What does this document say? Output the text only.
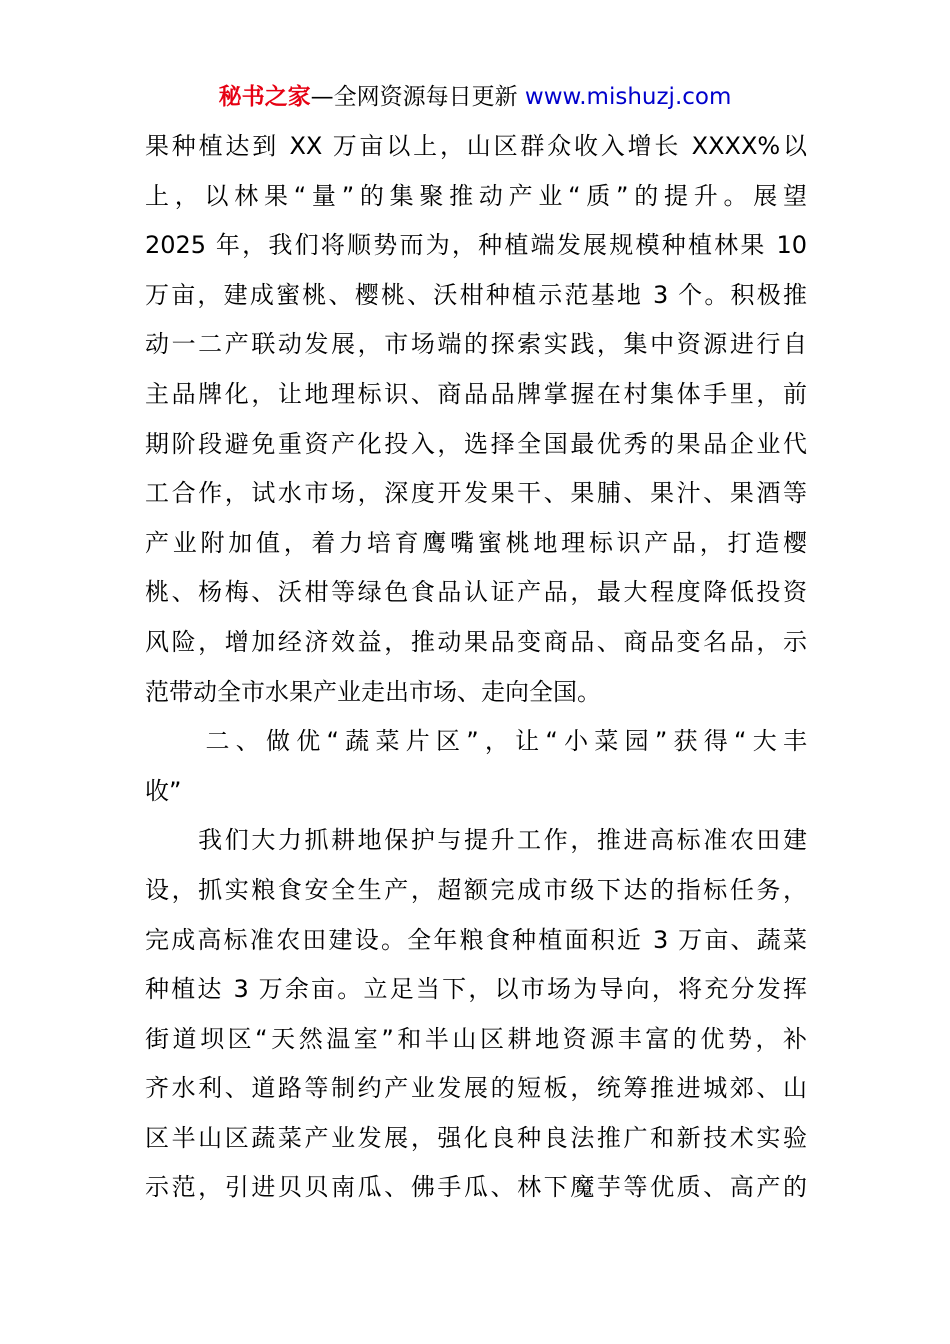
秘书之家—全网资源每日更新 www.mishuzj.com
果种植达到 XX 万亩以上，山区群众收入增长 XXXX%以
上，以林果“量”的集聚推动产业“质”的提升。展望
2025 年，我们将顺势而为，种植端发展规模种植林果 10
万亩，建成蜜桃、樱桃、沃柑种植示范基地 3 个。积极推
动一二产联动发展，市场端的探索实践，集中资源进行自
主品牌化，让地理标识、商品品牌掌握在村集体手里，前
期阶段避免重资产化投入，选择全国最优秀的果品企业代
工合作，试水市场，深度开发果干、果脯、果汁、果酒等
产业附加值，着力培育鹰嘴蜜桃地理标识产品，打造樱
桃、杨梅、沃柑等绿色食品认证产品，最大程度降低投资
风险，增加经济效益，推动果品变商品、商品变名品，示
范带动全市水果产业走出市场、走向全国。
　　二、做优“蔬菜片区”，让“小菜园”获得“大丰
收”
　　我们大力抓耕地保护与提升工作，推进高标准农田建
设，抓实粮食安全生产，超额完成市级下达的指标任务，
完成高标准农田建设。全年粮食种植面积近 3 万亩、蔬菜
种植达 3 万余亩。立足当下，以市场为导向，将充分发挥
街道坝区“天然温室”和半山区耕地资源丰富的优势，补
齐水利、道路等制约产业发展的短板，统筹推进城郊、山
区半山区蔬菜产业发展，强化良种良法推广和新技术实验
示范，引进贝贝南瓜、佛手瓜、林下魔芋等优质、高产的
